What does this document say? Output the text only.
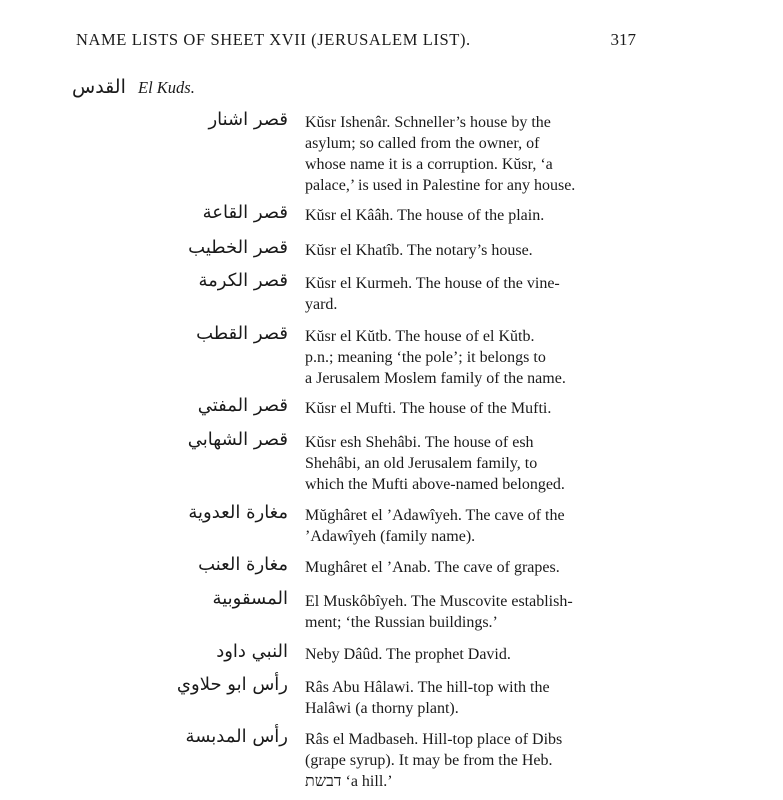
NAME LISTS OF SHEET XVII (JERUSALEM LIST).	317
القدس El Kuds.
قصر اشنار Kŭsr Ishenâr. Schneller’s house by the
asylum; so called from the owner, of
whose name it is a corruption. Kŭsr, ‘a
palace,’ is used in Palestine for any house.
قصر القاعة Kŭsr el Kââh. The house of the plain.
قصر الخطيب Kŭsr el Khatîb. The notary’s house.
قصر الكرمة Kŭsr el Kurmeh. The house of the vine-
yard.
قصر القطب Kŭsr el Kŭtb. The house of el Kŭtb.
p.n.; meaning ‘the pole’; it belongs to
a Jerusalem Moslem family of the name.
قصر المفتي Kŭsr el Mufti. The house of the Mufti.
قصر الشهابي Kŭsr esh Shehâbi. The house of esh
Shehâbi, an old Jerusalem family, to
which the Mufti above-named belonged.
مغارة العدوية Mŭghâret el ’Adawîyeh. The cave of the
’Adawîyeh (family name).
مغارة العنب Mughâret el ’Anab. The cave of grapes.
المسقوبية El Muskôbîyeh. The Muscovite establish-
ment; ‘the Russian buildings.’
النبي داود Neby Dâûd. The prophet David.
رأس ابو حلاوي Râs Abu Hâlawi. The hill-top with the
Halâwi (a thorny plant).
رأس المدبسة Râs el Madbaseh. Hill-top place of Dibs
(grape syrup). It may be from the Heb.
דבשת ‘a hill.’
